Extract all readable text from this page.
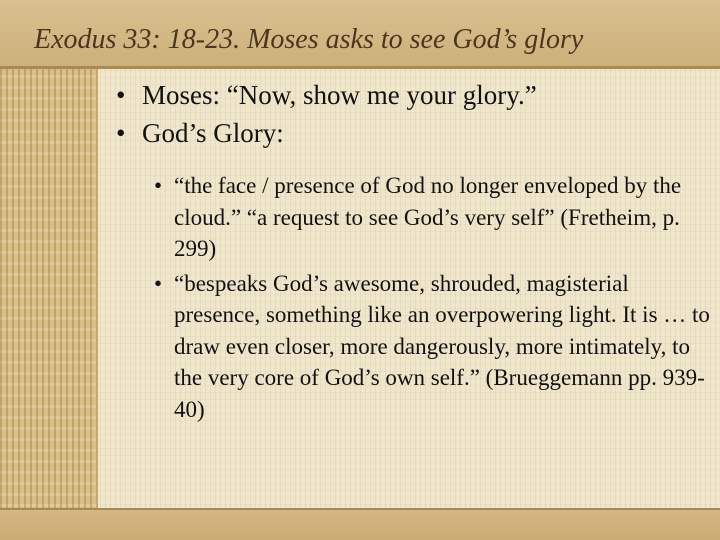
Exodus 33: 18-23. Moses asks to see God’s glory
• Moses: “Now, show me your glory.”
• God’s Glory:
• “the face / presence of God no longer enveloped by the cloud.” “a request to see God’s very self” (Fretheim, p. 299)
• “bespeaks God’s awesome, shrouded, magisterial presence, something like an overpowering light. It is … to draw even closer, more dangerously, more intimately, to the very core of God’s own self.” (Brueggemann pp. 939-40)
